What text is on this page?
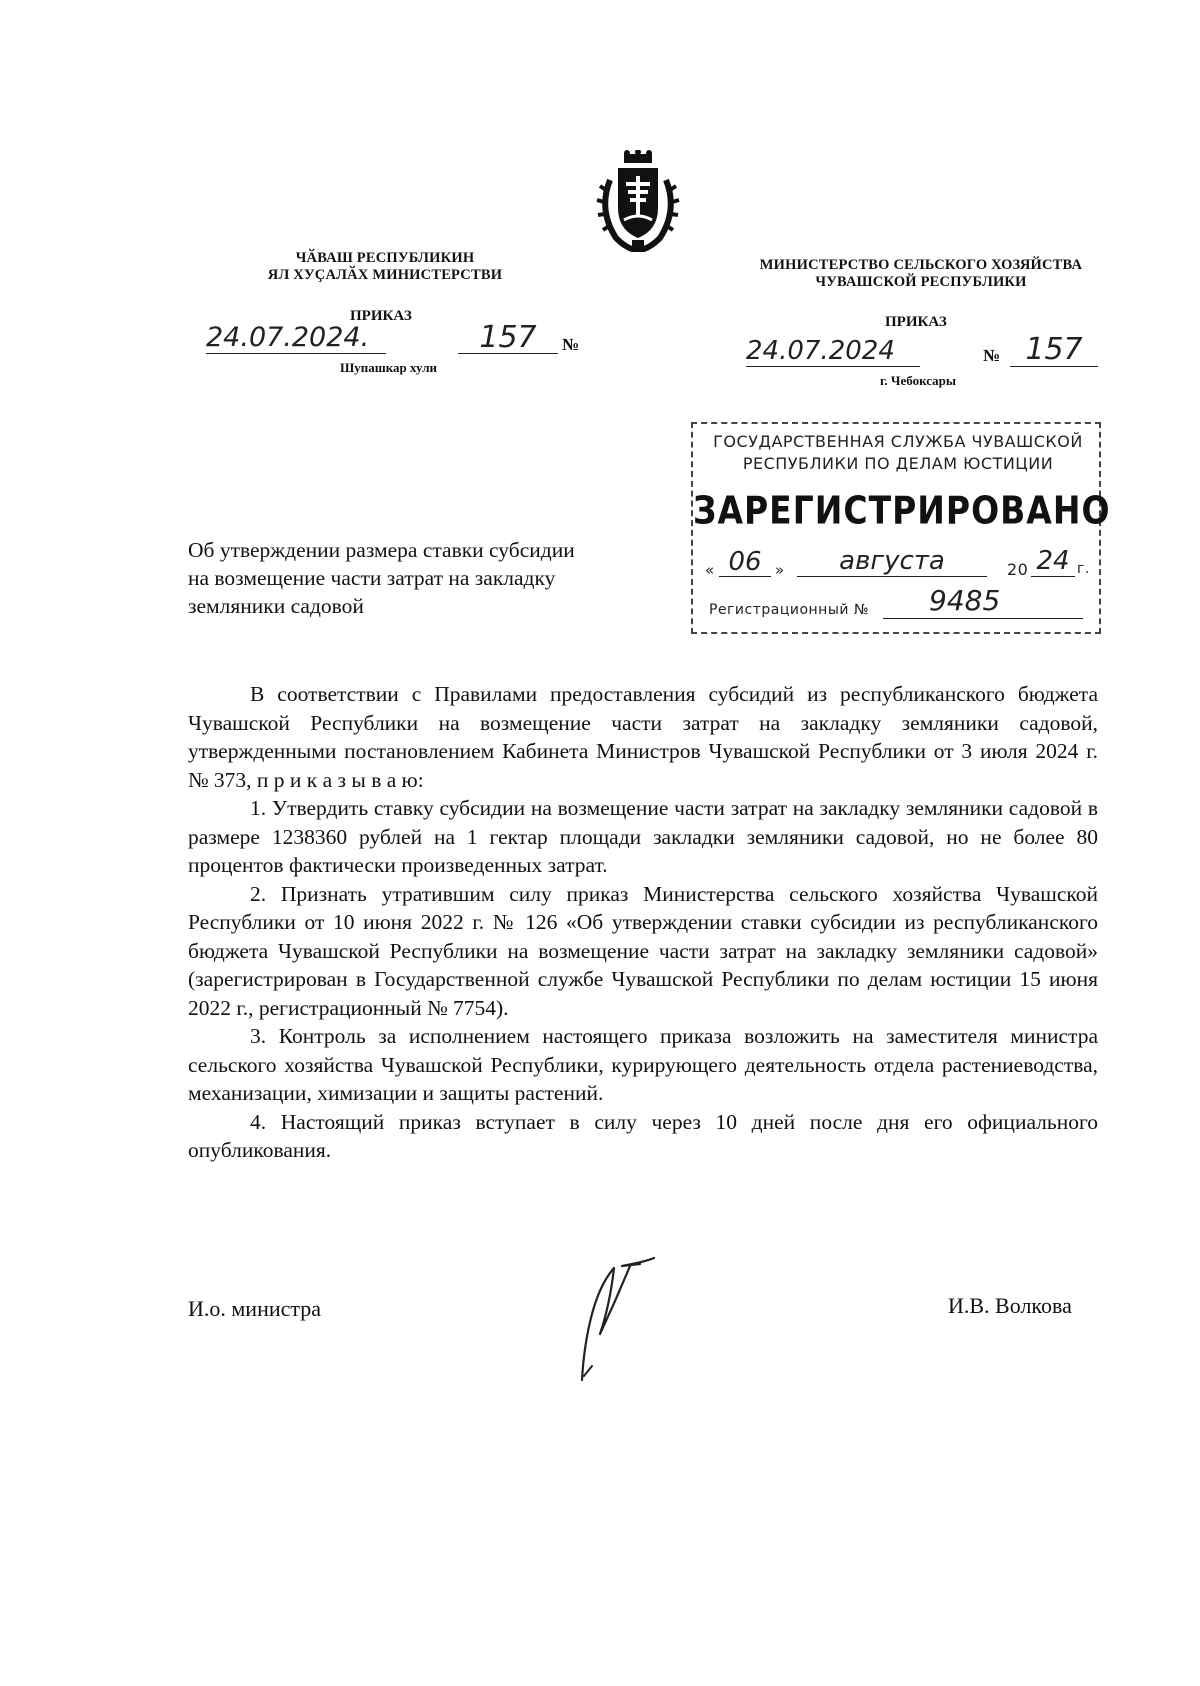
ЧӐВАШ РЕСПУБЛИКИН
ЯЛ ХУҪАЛӐХ МИНИСТЕРСТВИ
ПРИКАЗ
24.07.2024.	157	№
Шупашкар хули
МИНИСТЕРСТВО СЕЛЬСКОГО ХОЗЯЙСТВА
ЧУВАШСКОЙ РЕСПУБЛИКИ
ПРИКАЗ
24.07.2024	№ 157
г. Чебоксары
ГОСУДАРСТВЕННАЯ СЛУЖБА ЧУВАШСКОЙ
РЕСПУБЛИКИ ПО ДЕЛАМ ЮСТИЦИИ
ЗАРЕГИСТРИРОВАНО
« 06 »	августа	20 24 г.
Регистрационный №	9485
Об утверждении размера ставки субсидии
на возмещение части затрат на закладку
земляники садовой

В соответствии с Правилами предоставления субсидий из республиканского бюджета Чувашской Республики на возмещение части затрат на закладку земляники садовой, утвержденными постановлением Кабинета Министров Чувашской Республики от 3 июля 2024 г. № 373, п р и к а з ы в а ю:

1. Утвердить ставку субсидии на возмещение части затрат на закладку земляники садовой в размере 1238360 рублей на 1 гектар площади закладки земляники садовой, но не более 80 процентов фактически произведенных затрат.

2. Признать утратившим силу приказ Министерства сельского хозяйства Чувашской Республики от 10 июня 2022 г. № 126 «Об утверждении ставки субсидии из республиканского бюджета Чувашской Республики на возмещение части затрат на закладку земляники садовой» (зарегистрирован в Государственной службе Чувашской Республики по делам юстиции 15 июня 2022 г., регистрационный № 7754).

3. Контроль за исполнением настоящего приказа возложить на заместителя министра сельского хозяйства Чувашской Республики, курирующего деятельность отдела растениеводства, механизации, химизации и защиты растений.

4. Настоящий приказ вступает в силу через 10 дней после дня его официального опубликования.

И.о. министра	И.В. Волкова
